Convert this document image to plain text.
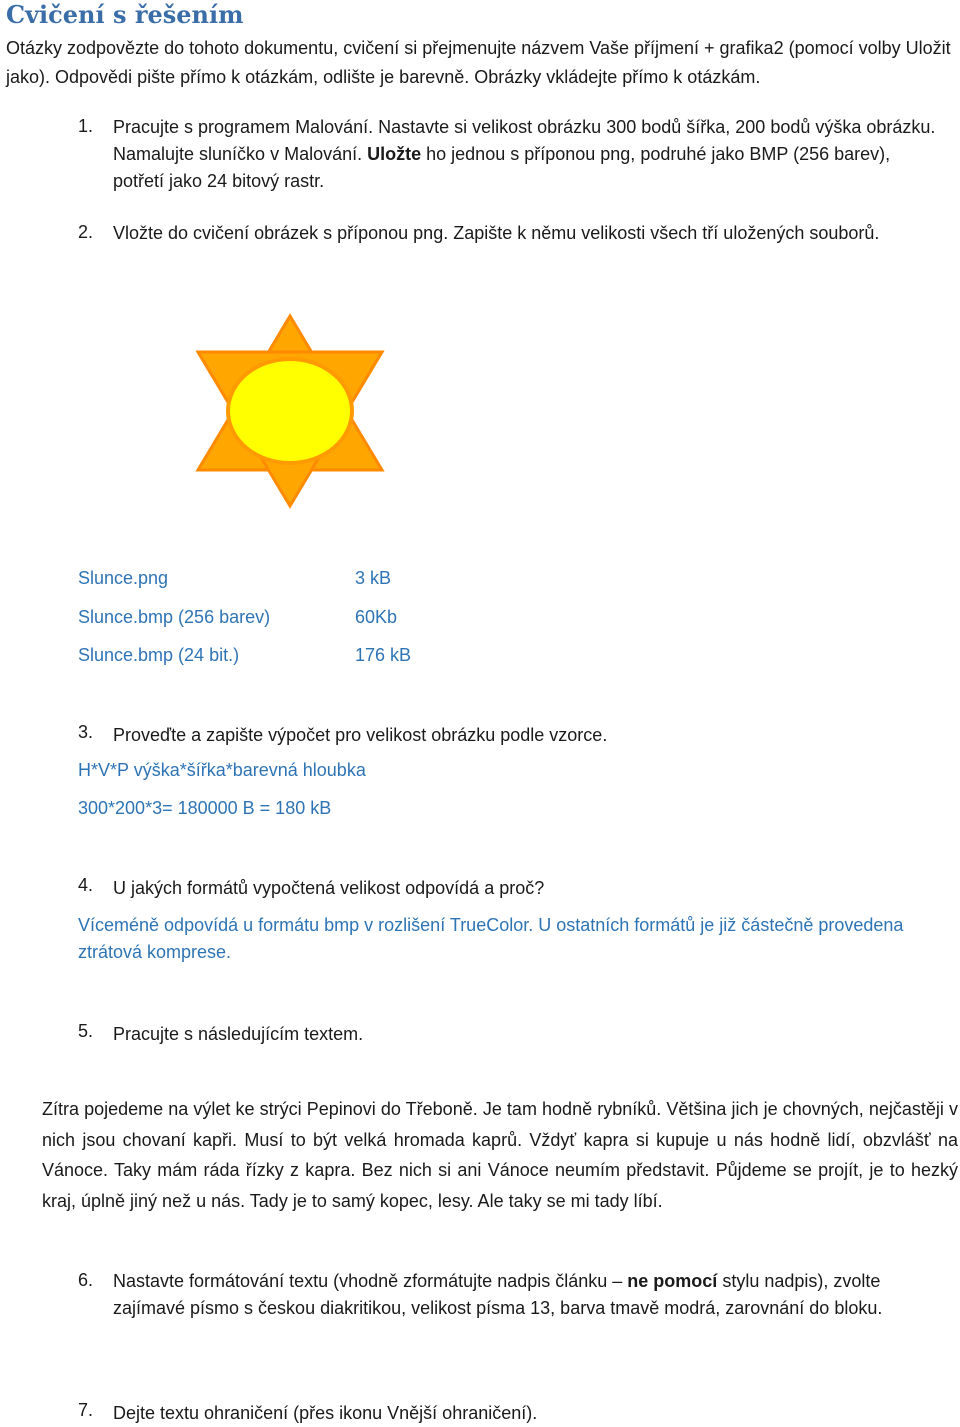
Cvičení s řešením

Otázky zodpovězte do tohoto dokumentu, cvičení si přejmenujte názvem Vaše příjmení + grafika2 (pomocí volby Uložit jako). Odpovědi pište přímo k otázkám, odlište je barevně. Obrázky vkládejte přímo k otázkám.

1. Pracujte s programem Malování. Nastavte si velikost obrázku 300 bodů šířka, 200 bodů výška obrázku. Namalujte sluníčko v Malování. Uložte ho jednou s příponou png, podruhé jako BMP (256 barev), potřetí jako 24 bitový rastr.
2. Vložte do cvičení obrázek s příponou png. Zapište k němu velikosti všech tří uložených souborů.
Slunce.png	3 kB
Slunce.bmp (256 barev)	60Kb
Slunce.bmp (24 bit.)	176 kB
3. Proveďte a zapište výpočet pro velikost obrázku podle vzorce.
H*V*P výška*šířka*barevná hloubka
300*200*3= 180000 B = 180 kB
4. U jakých formátů vypočtená velikost odpovídá a proč?
Víceméně odpovídá u formátu bmp v rozlišení TrueColor. U ostatních formátů je již částečně provedena ztrátová komprese.
5. Pracujte s následujícím textem.

Zítra pojedeme na výlet ke strýci Pepinovi do Třeboně. Je tam hodně rybníků. Většina jich je chovných, nejčastěji v nich jsou chovaní kapři. Musí to být velká hromada kaprů. Vždyť kapra si kupuje u nás hodně lidí, obzvlášť na Vánoce. Taky mám ráda řízky z kapra. Bez nich si ani Vánoce neumím představit. Půjdeme se projít, je to hezký kraj, úplně jiný než u nás. Tady je to samý kopec, lesy. Ale taky se mi tady líbí.

6. Nastavte formátování textu (vhodně zformátujte nadpis článku – ne pomocí stylu nadpis), zvolte zajímavé písmo s českou diakritikou, velikost písma 13, barva tmavě modrá, zarovnání do bloku.
7. Dejte textu ohraničení (přes ikonu Vnější ohraničení).
